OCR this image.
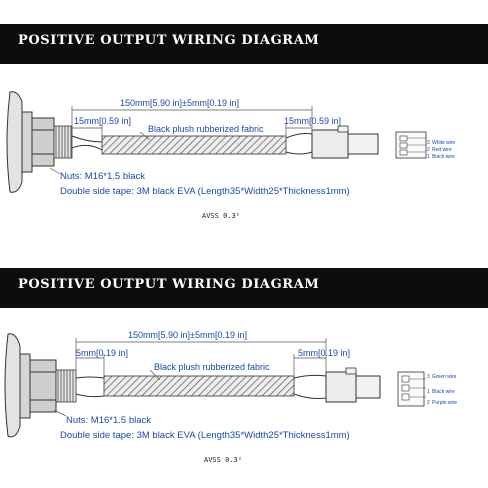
POSITIVE OUTPUT WIRING DIAGRAM
150mm[5.90 in]±5mm[0.19 in]
15mm[0.59 in]
Black plush rubberized fabric
15mm[0.59 in]
Nuts: M16*1.5 black
Double side tape: 3M black EVA (Length35*Width25*Thickness1mm)
AVSS 0.3²
3 White wire
2 Red wire
1 Black wire
POSITIVE OUTPUT WIRING DIAGRAM
150mm[5.90 in]±5mm[0.19 in]
5mm[0.19 in]
Black plush rubberized fabric
5mm[0.19 in]
Nuts: M16*1.5 black
Double side tape: 3M black EVA (Length35*Width25*Thickness1mm)
AVSS 0.3²
3 Green wire
1 Black wire
2 Purple wire
